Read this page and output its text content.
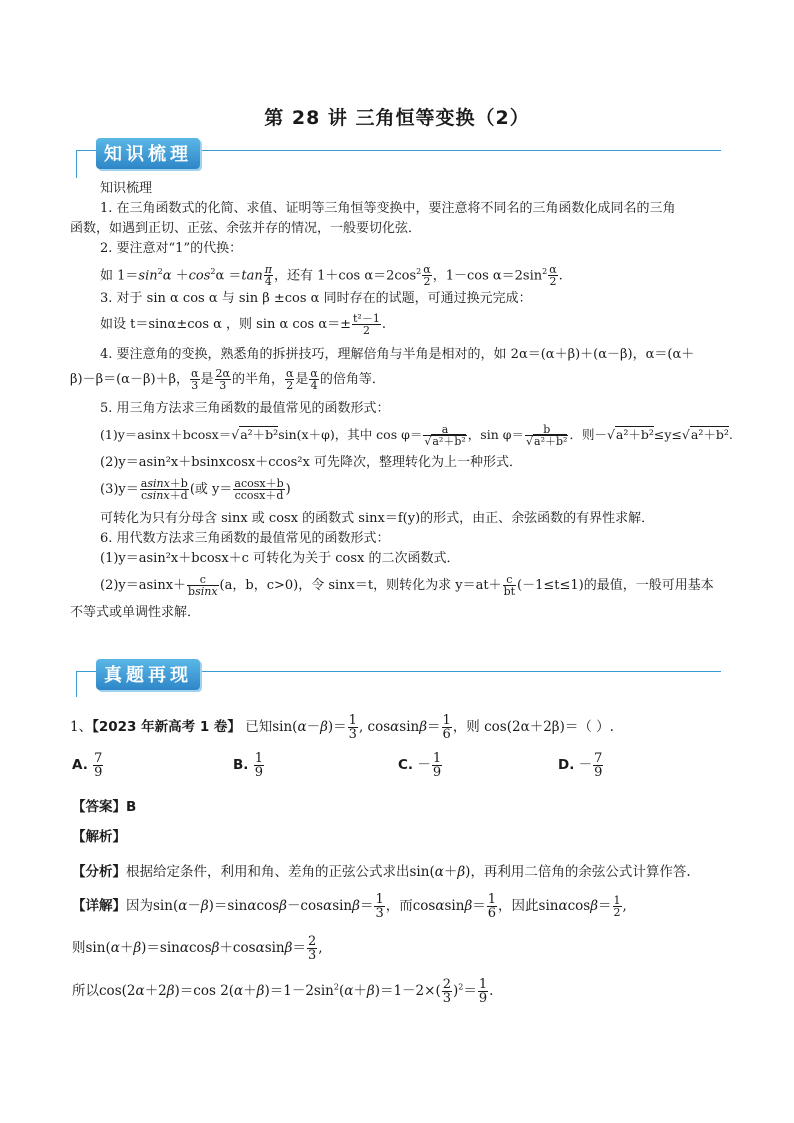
第 28 讲 三角恒等变换（2）
知识梳理
知识梳理
1. 在三角函数式的化简、求值、证明等三角恒等变换中，要注意将不同名的三角函数化成同名的三角
函数，如遇到正切、正弦、余弦并存的情况，一般要切化弦．
2. 要注意对“1”的代换：
如 $1=\sin^2\alpha +\cos^2\alpha =\tan \frac{\pi}{4}$ ，还有 1＋cos $\alpha=2\cos^2 \frac{\alpha}{2}$ ，1－cos $\alpha=2\sin^2 \frac{\alpha}{2}$ .
3. 对于 sin α cos α 与 sin β ±cos α 同时存在的试题，可通过换元完成：
如设 t＝sinα±cos α ，则 sin α $\cos \alpha=\pm \frac{\text{t²－1}}{2}$ .
4. 要注意角的变换，熟悉角的拆拼技巧，理解倍角与半角是相对的，如 2α＝(α＋β)＋(α－β)，α＝(α＋
β)－β＝(α－β)＋β， $\frac{\alpha}{3}$ 是 $\frac{2\alpha}{3}$ 的半角， $\frac{\alpha}{2}$ 是 $\frac{\alpha}{4}$ 的倍角等．
5. 用三角方法求三角函数的最值常见的函数形式：
(1)y＝asinx＋bcosx＝√a²＋b²sin(x＋φ)，其中 $\cos \varphi= \frac{a}{\text{√a²＋b²}}$ ，$\sin \varphi= \frac{b}{\text{√a²＋b²}}$ ．则－√a²＋b²≤y≤√a²＋b².
(2)y＝asin²x＋bsinxcosx＋ccos²x 可先降次，整理转化为上一种形式．
$(3)y= \frac{asinx+b}{csinx+d}$ (或 $y= \frac{acosx+b}{ccosx+d}$ )
可转化为只有分母含 sinx 或 cosx 的函数式 sinx＝f(y)的形式，由正、余弦函数的有界性求解．
6. 用代数方法求三角函数的最值常见的函数形式：
(1)y＝asin²x＋bcosx＋c 可转化为关于 cosx 的二次函数式．
$(2)y=asinx+ \frac{c}{bsinx} (a$，b，c>0)，令 sinx＝t，则转化为求 $y=at+ \frac{c}{bt} (-1\le t\le 1)$的最值，一般可用基本
不等式或单调性求解．
真题再现
1、【2023 年新高考 1 卷】 已知$\sin(\alpha-\beta)= \frac{1}{3}$ , $\cos\alpha\sin\beta= \frac{1}{6}$ ，则 cos(2α＋2β)＝（ ）.
A. $\frac{7}{9}$	B. $\frac{1}{9}$	C. － $\frac{1}{9}$	D. － $\frac{7}{9}$
【答案】B
【解析】
【分析】根据给定条件，利用和角、差角的正弦公式求出sin(α＋β)，再利用二倍角的余弦公式计算作答.
【详解】因为$\sin(\alpha-\beta)=\sin\alpha\cos\beta-\cos\alpha\sin\beta= \frac{1}{3}$ ，而$\cos\alpha\sin\beta= \frac{1}{6}$ ，因此$\sin\alpha\cos\beta= \frac{1}{2}$ ,
则$\sin(\alpha+\beta)=\sin\alpha\cos\beta+\cos\alpha\sin\beta= \frac{2}{3}$ ,
所以cos(2α＋2β)＝cos $2(\alpha+\beta)=1-2\sin^2(\alpha+\beta)=1-2\times( \frac{2}{3} )^2= \frac{1}{9}$ .
